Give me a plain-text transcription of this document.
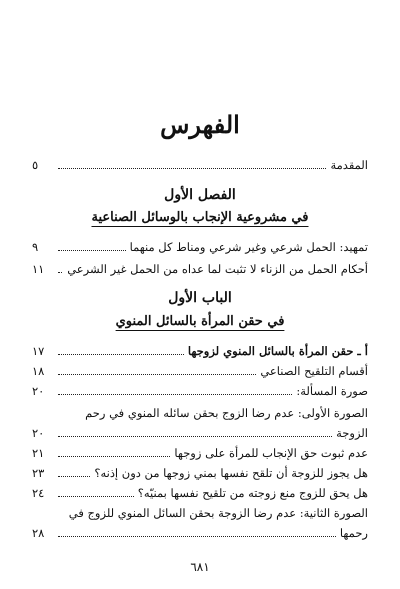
الفهرس
المقدمة
٥
الفصل الأول
في مشروعية الإنجاب بالوسائل الصناعية
تمهيد: الحمل شرعي وغير شرعي ومناط كل منهما
٩
أحكام الحمل من الزناء لا تثبت لما عداه من الحمل غير الشرعي
١١
الباب الأول
في حقن المرأة بالسائل المنوي
أ ـ حقن المرأة بالسائل المنوي لزوجها
١٧
أقسام التلقيح الصناعي
١٨
صورة المسألة:
٢٠
الصورة الأولى: عدم رضا الزوج بحقن سائله المنوي في رحم
الزوجة
٢٠
عدم ثبوت حق الإنجاب للمرأة على زوجها
٢١
هل يجوز للزوجة أن تلقح نفسها بمني زوجها من دون إذنه؟
٢٣
هل يحق للزوج منع زوجته من تلقيح نفسها بمنيّه؟
٢٤
الصورة الثانية: عدم رضا الزوجة بحقن السائل المنوي للزوج في
رحمها
٢٨
٦٨١
